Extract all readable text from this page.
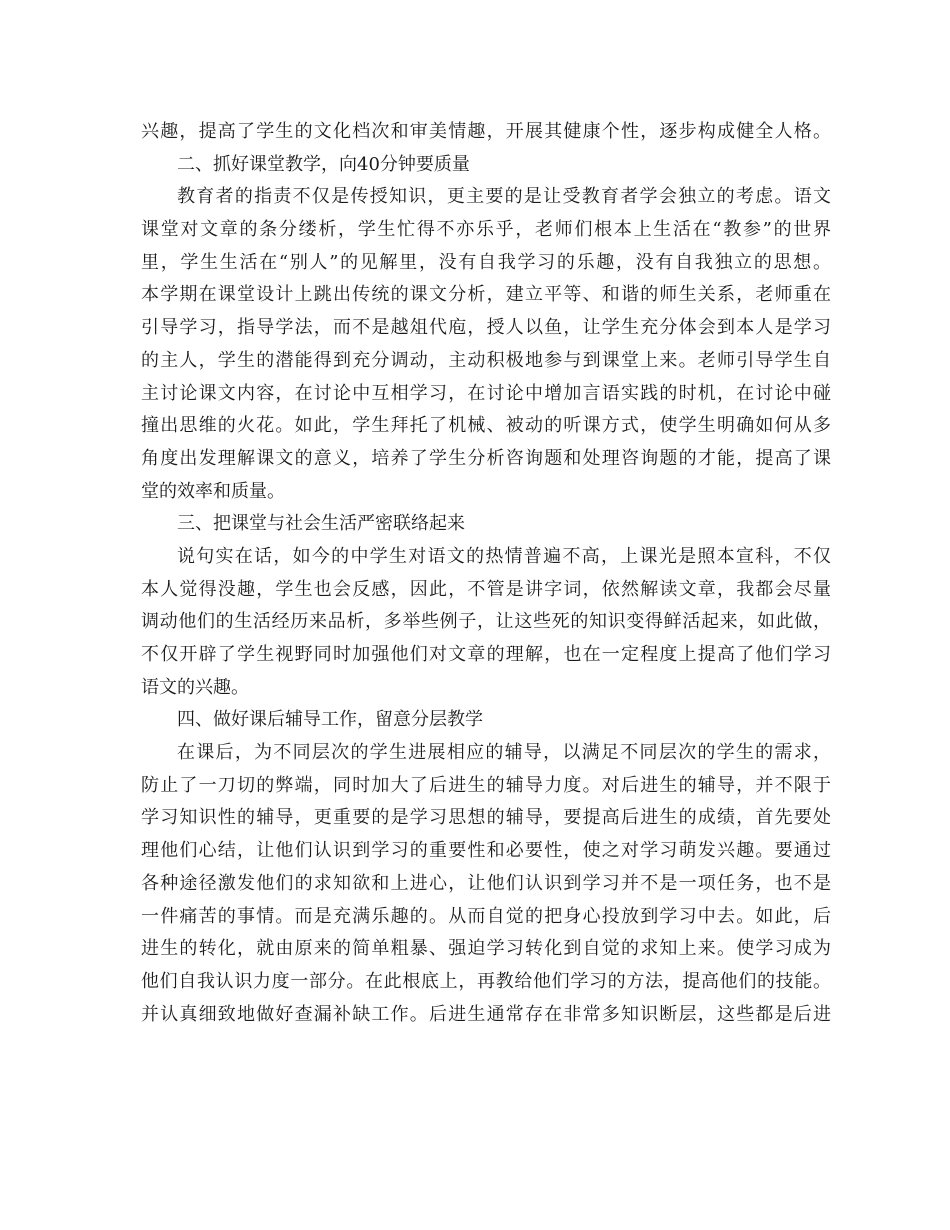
兴趣，提高了学生的文化档次和审美情趣，开展其健康个性，逐步构成健全人格。
二、抓好课堂教学，向40分钟要质量
教育者的指责不仅是传授知识，更主要的是让受教育者学会独立的考虑。语文
课堂对文章的条分缕析，学生忙得不亦乐乎，老师们根本上生活在“教参”的世界
里，学生生活在“别人”的见解里，没有自我学习的乐趣，没有自我独立的思想。
本学期在课堂设计上跳出传统的课文分析，建立平等、和谐的师生关系，老师重在
引导学习，指导学法，而不是越俎代庖，授人以鱼，让学生充分体会到本人是学习
的主人，学生的潜能得到充分调动，主动积极地参与到课堂上来。老师引导学生自
主讨论课文内容，在讨论中互相学习，在讨论中增加言语实践的时机，在讨论中碰
撞出思维的火花。如此，学生拜托了机械、被动的听课方式，使学生明确如何从多
角度出发理解课文的意义，培养了学生分析咨询题和处理咨询题的才能，提高了课
堂的效率和质量。
三、把课堂与社会生活严密联络起来
说句实在话，如今的中学生对语文的热情普遍不高，上课光是照本宣科，不仅
本人觉得没趣，学生也会反感，因此，不管是讲字词，依然解读文章，我都会尽量
调动他们的生活经历来品析，多举些例子，让这些死的知识变得鲜活起来，如此做，
不仅开辟了学生视野同时加强他们对文章的理解，也在一定程度上提高了他们学习
语文的兴趣。
四、做好课后辅导工作，留意分层教学
在课后，为不同层次的学生进展相应的辅导，以满足不同层次的学生的需求，
防止了一刀切的弊端，同时加大了后进生的辅导力度。对后进生的辅导，并不限于
学习知识性的辅导，更重要的是学习思想的辅导，要提高后进生的成绩，首先要处
理他们心结，让他们认识到学习的重要性和必要性，使之对学习萌发兴趣。要通过
各种途径激发他们的求知欲和上进心，让他们认识到学习并不是一项任务，也不是
一件痛苦的事情。而是充满乐趣的。从而自觉的把身心投放到学习中去。如此，后
进生的转化，就由原来的简单粗暴、强迫学习转化到自觉的求知上来。使学习成为
他们自我认识力度一部分。在此根底上，再教给他们学习的方法，提高他们的技能。
并认真细致地做好查漏补缺工作。后进生通常存在非常多知识断层，这些都是后进
